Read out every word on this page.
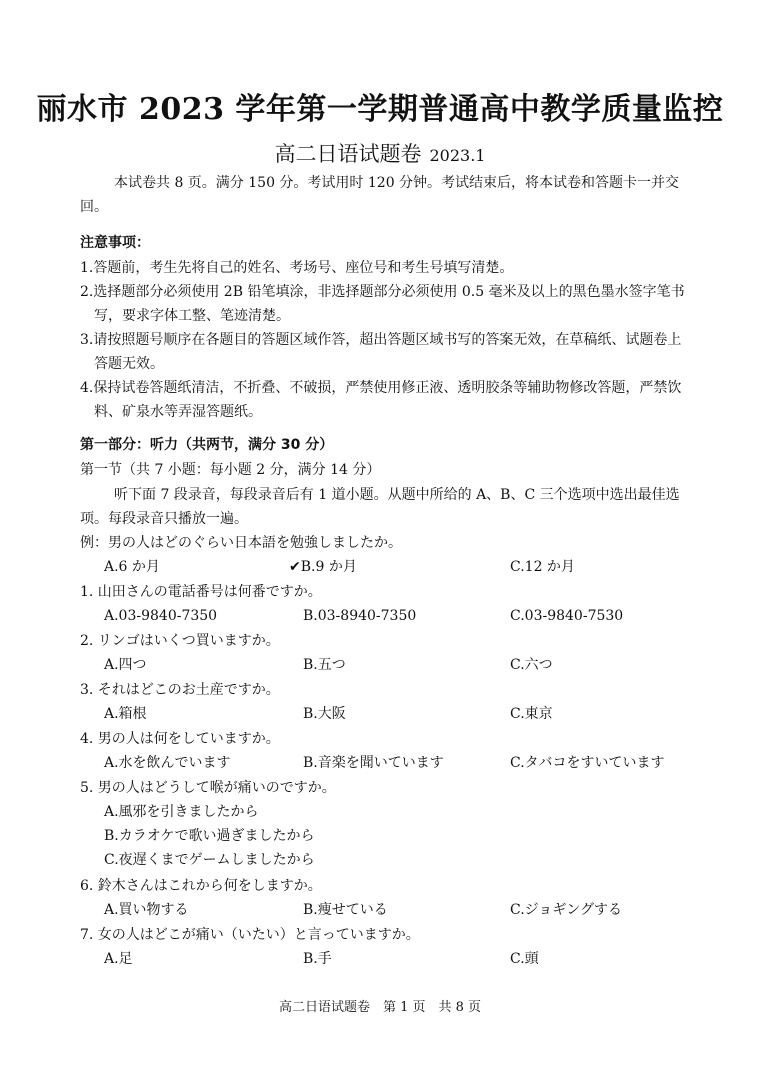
丽水市 2023 学年第一学期普通高中教学质量监控
高二日语试题卷 2023.1
本试卷共 8 页。满分 150 分。考试用时 120 分钟。考试结束后，将本试卷和答题卡一并交回。
注意事项：
1.答题前，考生先将自己的姓名、考场号、座位号和考生号填写清楚。
2.选择题部分必须使用 2B 铅笔填涂，非选择题部分必须使用 0.5 毫米及以上的黑色墨水签字笔书写，要求字体工整、笔迹清楚。
3.请按照题号顺序在各题目的答题区域作答，超出答题区域书写的答案无效，在草稿纸、试题卷上答题无效。
4.保持试卷答题纸清洁，不折叠、不破损，严禁使用修正液、透明胶条等辅助物修改答题，严禁饮料、矿泉水等弄湿答题纸。
第一部分：听力（共两节，满分 30 分）
第一节（共 7 小题：每小题 2 分，满分 14 分）
听下面 7 段录音，每段录音后有 1 道小题。从题中所给的 A、B、C 三个选项中选出最佳选项。每段录音只播放一遍。
例：男の人はどのぐらい日本語を勉強しましたか。
A.6 か月	✔B.9 か月	C.12 か月
1. 山田さんの電話番号は何番ですか。
A.03-9840-7350	B.03-8940-7350	C.03-9840-7530
2. リンゴはいくつ買いますか。
A.四つ	B.五つ	C.六つ
3. それはどこのお土産ですか。
A.箱根	B.大阪	C.東京
4. 男の人は何をしていますか。
A.水を飲んでいます	B.音楽を聞いています	C.タバコをすいています
5. 男の人はどうして喉が痛いのですか。
A.風邪を引きましたから
B.カラオケで歌い過ぎましたから
C.夜遅くまでゲームしましたから
6. 鈴木さんはこれから何をしますか。
A.買い物する	B.痩せている	C.ジョギングする
7. 女の人はどこが痛い（いたい）と言っていますか。
A.足	B.手	C.頭
高二日语试题卷　第 1 页　共 8 页
